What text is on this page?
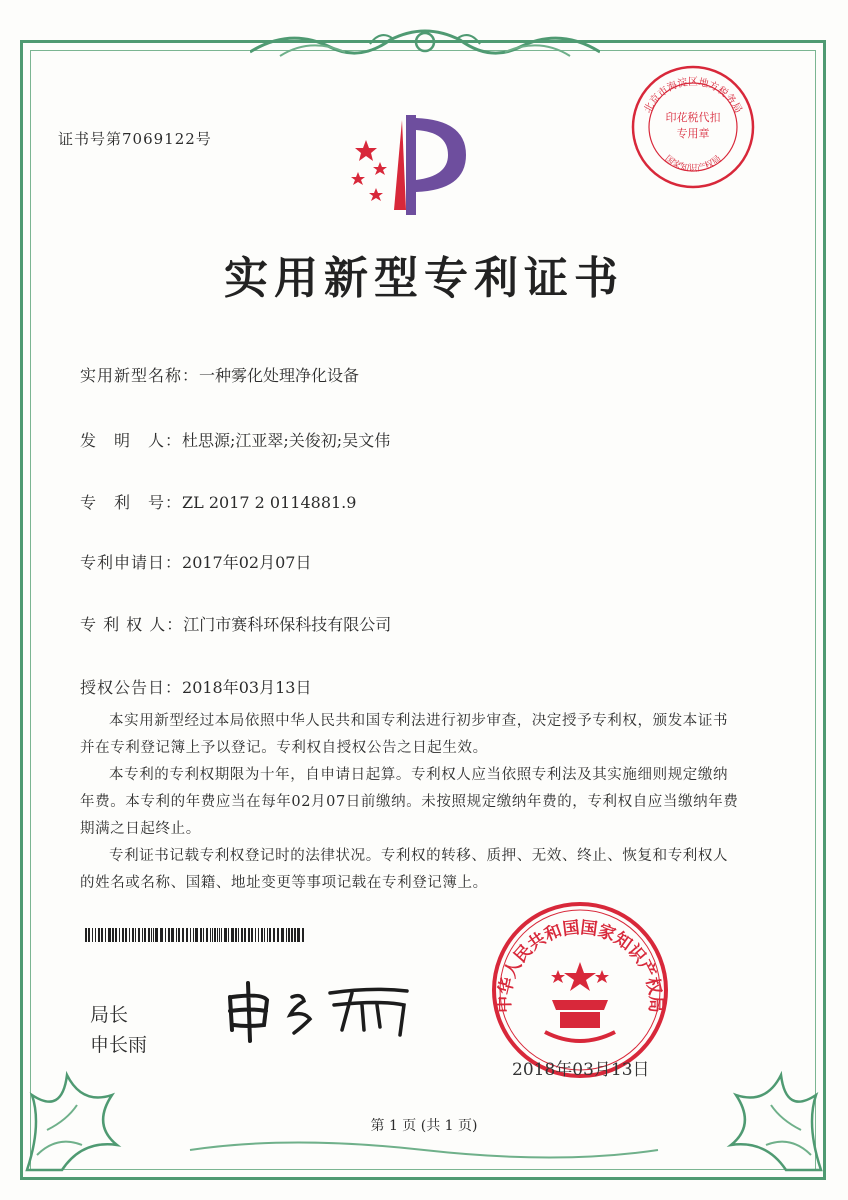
证书号第7069122号
北京市海淀区地方税务局
国家知识产权局
印花税代扣专用章
实用新型专利证书
实用新型名称：一种雾化处理净化设备
发　明　人：杜思源;江亚翠;关俊初;吴文伟
专　利　号：ZL 2017 2 0114881.9
专利申请日：2017年02月07日
专 利 权 人：江门市赛科环保科技有限公司
授权公告日：2018年03月13日

本实用新型经过本局依照中华人民共和国专利法进行初步审查，决定授予专利权，颁发本证书并在专利登记簿上予以登记。专利权自授权公告之日起生效。

本专利的专利权期限为十年，自申请日起算。专利权人应当依照专利法及其实施细则规定缴纳年费。本专利的年费应当在每年02月07日前缴纳。未按照规定缴纳年费的，专利权自应当缴纳年费期满之日起终止。

专利证书记载专利权登记时的法律状况。专利权的转移、质押、无效、终止、恢复和专利权人的姓名或名称、国籍、地址变更等事项记载在专利登记簿上。

局长
申长雨
中华人民共和国国家知识产权局
2018年03月13日
第 1 页 (共 1 页)
